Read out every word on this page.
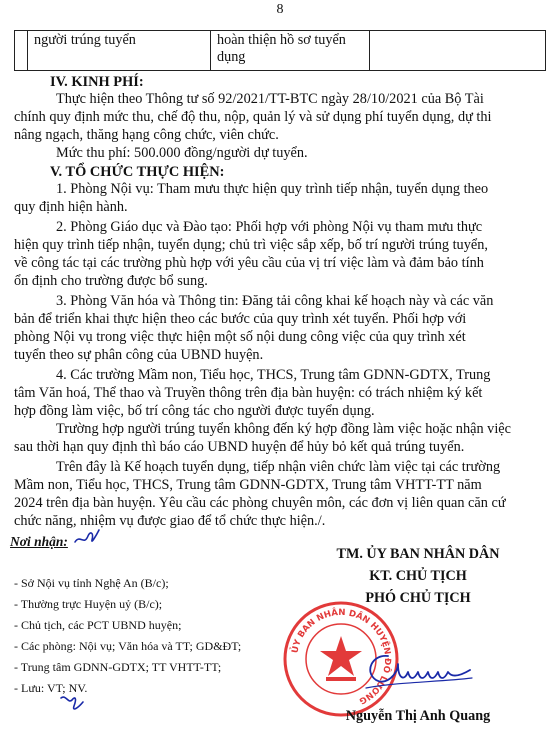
8
	người trúng tuyển	hoàn thiện hồ sơ tuyển dụng	
IV. KINH PHÍ:
Thực hiện theo Thông tư số 92/2021/TT-BTC ngày 28/10/2021 của Bộ Tài
chính quy định mức thu, chế độ thu, nộp, quản lý và sử dụng phí tuyển dụng, dự thi
nâng ngạch, thăng hạng công chức, viên chức.
Mức thu phí: 500.000 đồng/người dự tuyển.
V. TỔ CHỨC THỰC HIỆN:
1. Phòng Nội vụ: Tham mưu thực hiện quy trình tiếp nhận, tuyển dụng theo
quy định hiện hành.
2. Phòng Giáo dục và Đào tạo: Phối hợp với phòng Nội vụ tham mưu thực
hiện quy trình tiếp nhận, tuyển dụng; chủ trì việc sắp xếp, bố trí người trúng tuyển,
về công tác tại các trường phù hợp với yêu cầu của vị trí việc làm và đảm bảo tính
ổn định cho trường được bổ sung.
3. Phòng Văn hóa và Thông tin: Đăng tải công khai kế hoạch này và các văn
bản để triển khai thực hiện theo các bước của quy trình xét tuyển. Phối hợp với
phòng Nội vụ trong việc thực hiện một số nội dung công việc của quy trình xét
tuyển theo sự phân công của UBND huyện.
4. Các trường Mầm non, Tiểu học, THCS, Trung tâm GDNN-GDTX, Trung
tâm Văn hoá, Thể thao và Truyền thông trên địa bàn huyện: có trách nhiệm ký kết
hợp đồng làm việc, bố trí công tác cho người được tuyển dụng.
Trường hợp người trúng tuyển không đến ký hợp đồng làm việc hoặc nhận việc
sau thời hạn quy định thì báo cáo UBND huyện để hủy bỏ kết quả trúng tuyển.
Trên đây là Kế hoạch tuyển dụng, tiếp nhận viên chức làm việc tại các trường
Mầm non, Tiểu học, THCS, Trung tâm GDNN-GDTX, Trung tâm VHTT-TT năm
2024 trên địa bàn huyện. Yêu cầu các phòng chuyên môn, các đơn vị liên quan căn cứ
chức năng, nhiệm vụ được giao để tổ chức thực hiện./.
Nơi nhận:
- Sở Nội vụ tỉnh Nghệ An (B/c);
- Thường trực Huyện uỷ (B/c);
- Chủ tịch, các PCT UBND huyện;
- Các phòng: Nội vụ; Văn hóa và TT; GD&ĐT;
- Trung tâm GDNN-GDTX; TT VHTT-TT;
- Lưu: VT; NV.
TM. ỦY BAN NHÂN DÂN
KT. CHỦ TỊCH
PHÓ CHỦ TỊCH
ỦY BAN NHÂN DÂN HUYỆN ĐÔ LƯƠNG
Nguyễn Thị Anh Quang
